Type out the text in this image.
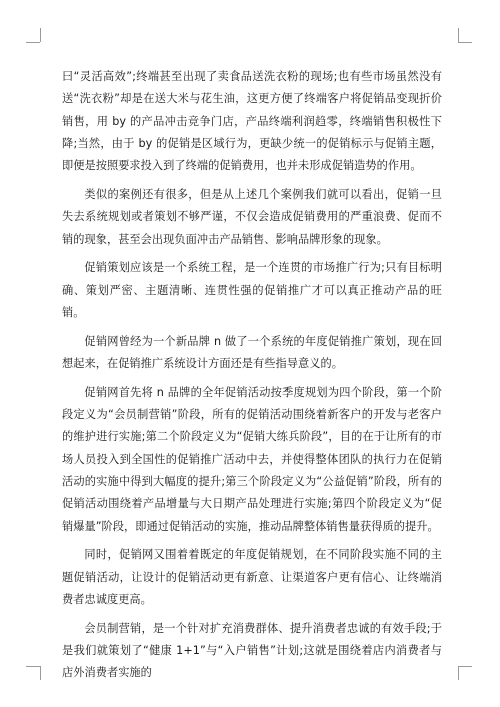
曰“灵活高效”;终端甚至出现了卖食品送洗衣粉的现场;也有些市场虽然没有送“洗衣粉”却是在送大米与花生油，这更方便了终端客户将促销品变现折价销售，用 by 的产品冲击竞争门店，产品终端利润趋零，终端销售积极性下降;当然，由于 by 的促销是区域行为，更缺少统一的促销标示与促销主题，即便是按照要求投入到了终端的促销费用，也并未形成促销造势的作用。

类似的案例还有很多，但是从上述几个案例我们就可以看出，促销一旦失去系统规划或者策划不够严谨，不仅会造成促销费用的严重浪费、促而不销的现象，甚至会出现负面冲击产品销售、影响品牌形象的现象。

促销策划应该是一个系统工程，是一个连贯的市场推广行为;只有目标明确、策划严密、主题清晰、连贯性强的促销推广才可以真正推动产品的旺销。

促销网曾经为一个新品牌 n 做了一个系统的年度促销推广策划，现在回想起来，在促销推广系统设计方面还是有些指导意义的。

促销网首先将 n 品牌的全年促销活动按季度规划为四个阶段，第一个阶段定义为“会员制营销”阶段，所有的促销活动围绕着新客户的开发与老客户的维护进行实施;第二个阶段定义为“促销大练兵阶段”，目的在于让所有的市场人员投入到全国性的促销推广活动中去，并使得整体团队的执行力在促销活动的实施中得到大幅度的提升;第三个阶段定义为“公益促销”阶段，所有的促销活动围绕着产品增量与大日期产品处理进行实施;第四个阶段定义为“促销爆量”阶段，即通过促销活动的实施，推动品牌整体销售量获得质的提升。

同时，促销网又围着着既定的年度促销规划，在不同阶段实施不同的主题促销活动，让设计的促销活动更有新意、让渠道客户更有信心、让终端消费者忠诚度更高。

会员制营销，是一个针对扩充消费群体、提升消费者忠诚的有效手段;于是我们就策划了“健康 1+1”与“入户销售”计划;这就是围绕着店内消费者与店外消费者实施的
